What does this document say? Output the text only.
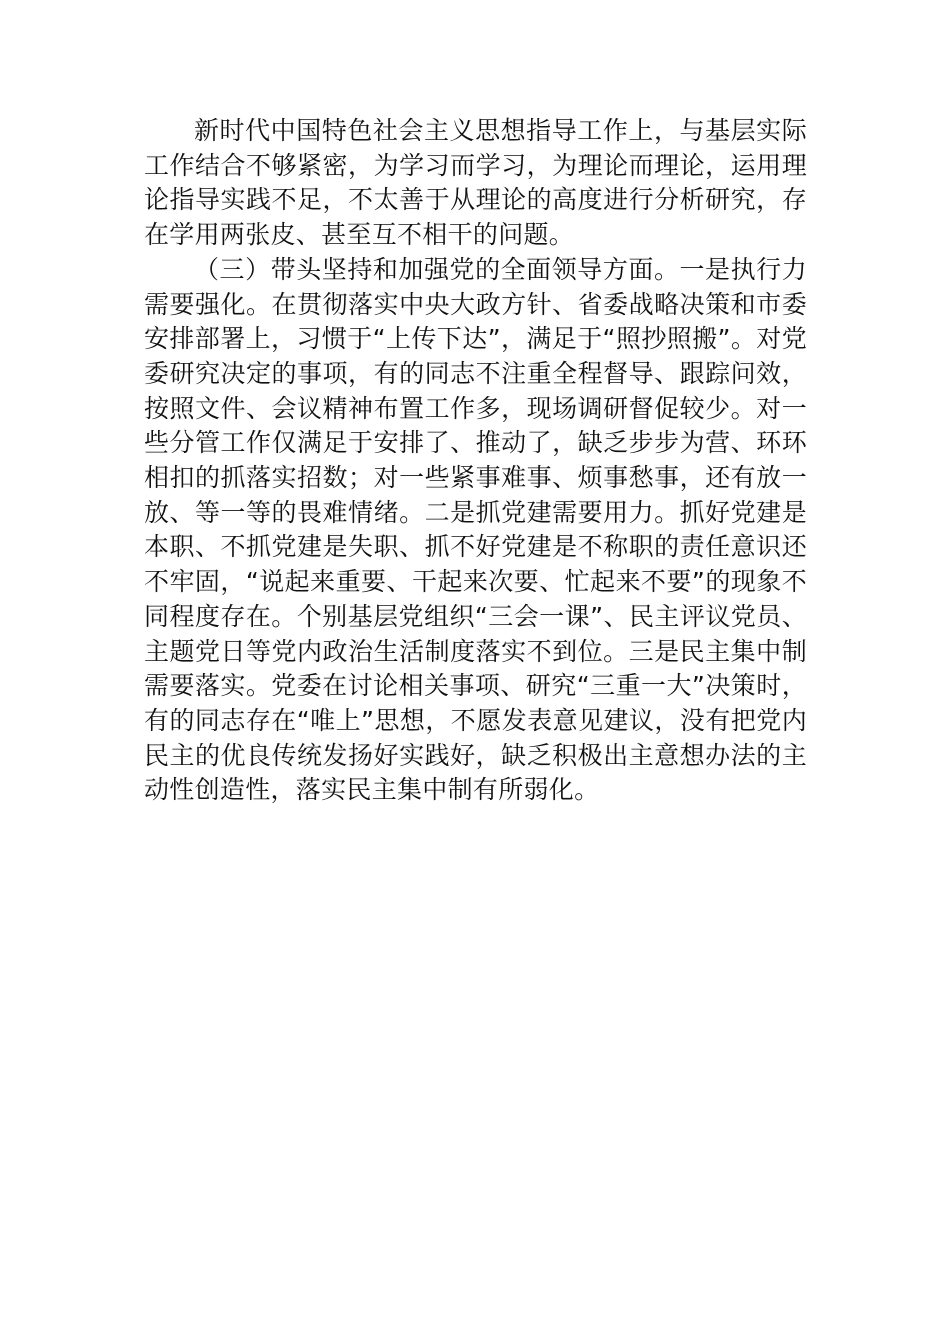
新时代中国特色社会主义思想指导工作上，与基层实际工作结合不够紧密，为学习而学习，为理论而理论，运用理论指导实践不足，不太善于从理论的高度进行分析研究，存在学用两张皮、甚至互不相干的问题。

（三）带头坚持和加强党的全面领导方面。一是执行力需要强化。在贯彻落实中央大政方针、省委战略决策和市委安排部署上，习惯于“上传下达”，满足于“照抄照搬”。对党委研究决定的事项，有的同志不注重全程督导、跟踪问效，按照文件、会议精神布置工作多，现场调研督促较少。对一些分管工作仅满足于安排了、推动了，缺乏步步为营、环环相扣的抓落实招数；对一些紧事难事、烦事愁事，还有放一放、等一等的畏难情绪。二是抓党建需要用力。抓好党建是本职、不抓党建是失职、抓不好党建是不称职的责任意识还不牢固，“说起来重要、干起来次要、忙起来不要”的现象不同程度存在。个别基层党组织“三会一课”、民主评议党员、主题党日等党内政治生活制度落实不到位。三是民主集中制需要落实。党委在讨论相关事项、研究“三重一大”决策时，有的同志存在“唯上”思想，不愿发表意见建议，没有把党内民主的优良传统发扬好实践好，缺乏积极出主意想办法的主动性创造性，落实民主集中制有所弱化。
